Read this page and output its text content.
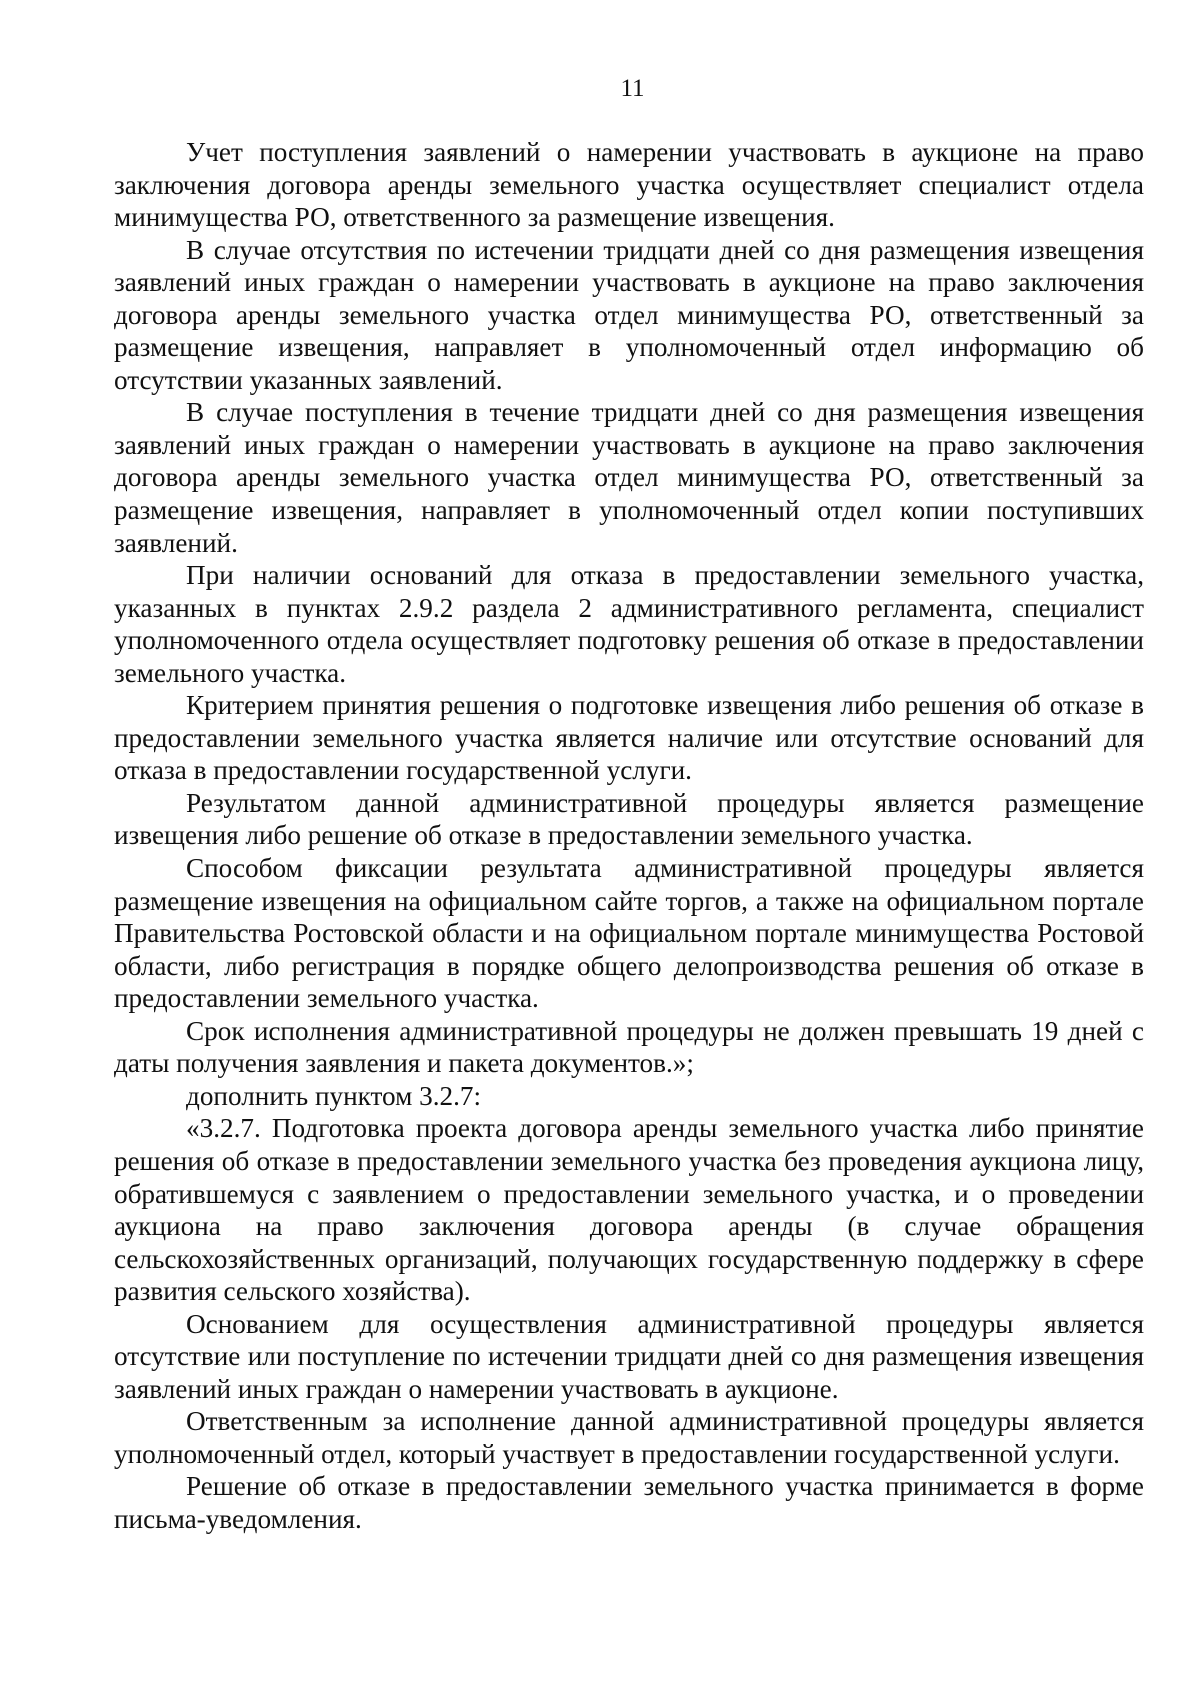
11

Учет поступления заявлений о намерении участвовать в аукционе на право заключения договора аренды земельного участка осуществляет специалист отдела минимущества РО, ответственного за размещение извещения.

В случае отсутствия по истечении тридцати дней со дня размещения извещения заявлений иных граждан о намерении участвовать в аукционе на право заключения договора аренды земельного участка отдел минимущества РО, ответственный за размещение извещения, направляет в уполномоченный отдел информацию об отсутствии указанных заявлений.

В случае поступления в течение тридцати дней со дня размещения извещения заявлений иных граждан о намерении участвовать в аукционе на право заключения договора аренды земельного участка отдел минимущества РО, ответственный за размещение извещения, направляет в уполномоченный отдел копии поступивших заявлений.

При наличии оснований для отказа в предоставлении земельного участка, указанных в пунктах 2.9.2 раздела 2 административного регламента, специалист уполномоченного отдела осуществляет подготовку решения об отказе в предоставлении земельного участка.

Критерием принятия решения о подготовке извещения либо решения об отказе в предоставлении земельного участка является наличие или отсутствие оснований для отказа в предоставлении государственной услуги.

Результатом данной административной процедуры является размещение извещения либо решение об отказе в предоставлении земельного участка.

Способом фиксации результата административной процедуры является размещение извещения на официальном сайте торгов, а также на официальном портале Правительства Ростовской области и на официальном портале минимущества Ростовой области, либо регистрация в порядке общего делопроизводства решения об отказе в предоставлении земельного участка.

Срок исполнения административной процедуры не должен превышать 19 дней с даты получения заявления и пакета документов.»;

дополнить пунктом 3.2.7:

«3.2.7. Подготовка проекта договора аренды земельного участка либо принятие решения об отказе в предоставлении земельного участка без проведения аукциона лицу, обратившемуся с заявлением о предоставлении земельного участка, и о проведении аукциона на право заключения договора аренды (в случае обращения сельскохозяйственных организаций, получающих государственную поддержку в сфере развития сельского хозяйства).

Основанием для осуществления административной процедуры является отсутствие или поступление по истечении тридцати дней со дня размещения извещения заявлений иных граждан о намерении участвовать в аукционе.

Ответственным за исполнение данной административной процедуры является уполномоченный отдел, который участвует в предоставлении государственной услуги.

Решение об отказе в предоставлении земельного участка принимается в форме письма-уведомления.
